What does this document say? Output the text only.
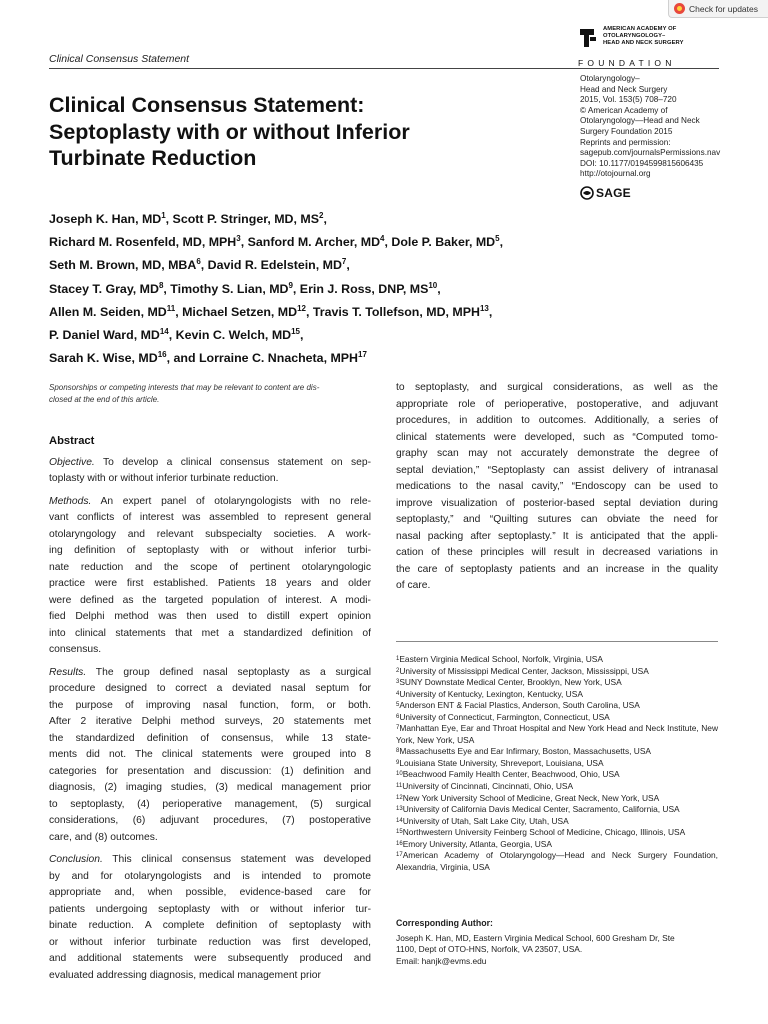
Check for updates
Clinical Consensus Statement
AMERICAN ACADEMY OF
OTOLARYNGOLOGY–
HEAD AND NECK SURGERY
FOUNDATION
Otolaryngology–
Head and Neck Surgery
2015, Vol. 153(5) 708–720
© American Academy of
Otolaryngology—Head and Neck
Surgery Foundation 2015
Reprints and permission:
sagepub.com/journalsPermissions.nav
DOI: 10.1177/0194599815606435
http://otojournal.org
SAGE
Clinical Consensus Statement:
Septoplasty with or without Inferior
Turbinate Reduction
Joseph K. Han, $MD^1$, Scott P. Stringer, MD, $MS^2$,
Richard M. Rosenfeld, MD, MPH$^3$, Sanford M. Archer, $MD^4$, Dole P. Baker, $MD^5$,
Seth M. Brown, MD, MBA$^6$, David R. Edelstein, $MD^7$,
Stacey T. Gray, $MD^8$, Timothy S. Lian, $MD^9$, Erin J. Ross, DNP, MS$^{10}$,
Allen M. Seiden, MD$^{11}$, Michael Setzen, MD$^{12}$, Travis T. Tollefson, MD, MPH$^{13}$,
P. Daniel Ward, MD$^{14}$, Kevin C. Welch, MD$^{15}$,
Sarah K. Wise, MD$^{16}$, and Lorraine C. Nnacheta, MPH$^{17}$
Sponsorships or competing interests that may be relevant to content are dis-
closed at the end of this article.
Abstract
Objective. To develop a clinical consensus statement on sep-
toplasty with or without inferior turbinate reduction.
Methods. An expert panel of otolaryngologists with no rele-
vant conflicts of interest was assembled to represent general
otolaryngology and relevant subspecialty societies. A work-
ing definition of septoplasty with or without inferior turbi-
nate reduction and the scope of pertinent otolaryngologic
practice were first established. Patients 18 years and older
were defined as the targeted population of interest. A modi-
fied Delphi method was then used to distill expert opinion
into clinical statements that met a standardized definition of
consensus.
Results. The group defined nasal septoplasty as a surgical
procedure designed to correct a deviated nasal septum for
the purpose of improving nasal function, form, or both.
After 2 iterative Delphi method surveys, 20 statements met
the standardized definition of consensus, while 13 state-
ments did not. The clinical statements were grouped into 8
categories for presentation and discussion: (1) definition and
diagnosis, (2) imaging studies, (3) medical management prior
to septoplasty, (4) perioperative management, (5) surgical
considerations, (6) adjuvant procedures, (7) postoperative
care, and (8) outcomes.
Conclusion. This clinical consensus statement was developed
by and for otolaryngologists and is intended to promote
appropriate and, when possible, evidence-based care for
patients undergoing septoplasty with or without inferior tur-
binate reduction. A complete definition of septoplasty with
or without inferior turbinate reduction was first developed,
and additional statements were subsequently produced and
evaluated addressing diagnosis, medical management prior
to septoplasty, and surgical considerations, as well as the
appropriate role of perioperative, postoperative, and adjuvant
procedures, in addition to outcomes. Additionally, a series of
clinical statements were developed, such as “Computed tomo-
graphy scan may not accurately demonstrate the degree of
septal deviation,” “Septoplasty can assist delivery of intranasal
medications to the nasal cavity,” “Endoscopy can be used to
improve visualization of posterior-based septal deviation during
septoplasty,” and “Quilting sutures can obviate the need for
nasal packing after septoplasty.” It is anticipated that the appli-
cation of these principles will result in decreased variations in
the care of septoplasty patients and an increase in the quality
of care.
$^1$Eastern Virginia Medical School, Norfolk, Virginia, USA
$^2$University of Mississippi Medical Center, Jackson, Mississippi, USA
$^3$SUNY Downstate Medical Center, Brooklyn, New York, USA
$^4$University of Kentucky, Lexington, Kentucky, USA
$^5$Anderson ENT & Facial Plastics, Anderson, South Carolina, USA
$^6$University of Connecticut, Farmington, Connecticut, USA
$^7$Manhattan Eye, Ear and Throat Hospital and New York Head and Neck Institute, New York, New York, USA
$^8$Massachusetts Eye and Ear Infirmary, Boston, Massachusetts, USA
$^9$Louisiana State University, Shreveport, Louisiana, USA
$^{10}$Beachwood Family Health Center, Beachwood, Ohio, USA
$^{11}$University of Cincinnati, Cincinnati, Ohio, USA
$^{12}$New York University School of Medicine, Great Neck, New York, USA
$^{13}$University of California Davis Medical Center, Sacramento, California, USA
$^{14}$University of Utah, Salt Lake City, Utah, USA
$^{15}$Northwestern University Feinberg School of Medicine, Chicago, Illinois, USA
$^{16}$Emory University, Atlanta, Georgia, USA
$^{17}$American Academy of Otolaryngology—Head and Neck Surgery Foundation, Alexandria, Virginia, USA
Corresponding Author:
Joseph K. Han, MD, Eastern Virginia Medical School, 600 Gresham Dr, Ste
1100, Dept of OTO-HNS, Norfolk, VA 23507, USA.
Email: hanjk@evms.edu
